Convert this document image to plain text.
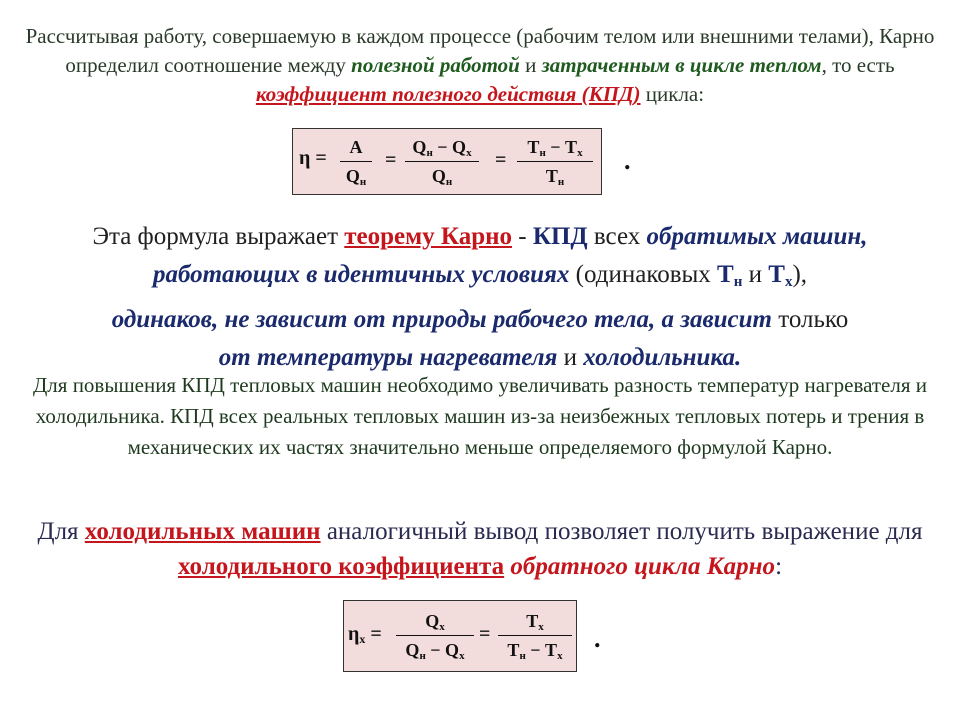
Рассчитывая работу, совершаемую в каждом процессе (рабочим телом или внешними телами), Карно определил соотношение между полезной работой и затраченным в цикле теплом, то есть коэффициент полезного действия (КПД) цикла:
η =	A
$Q_н$
=
$Q_н - Q_х$
$Q_н$
=
$T_н - T_х$
$T_н$
.
Эта формула выражает теорему Карно - КПД всех обратимых машин, работающих в идентичных условиях (одинаковых $T_н$ и $T_х$),
одинаков, не зависит от природы рабочего тела, а зависит только
от температуры нагревателя и холодильника.
Для повышения КПД тепловых машин необходимо увеличивать разность температур нагревателя и холодильника. КПД всех реальных тепловых машин из-за неизбежных тепловых потерь и трения в механических их частях значительно меньше определяемого формулой Карно.
Для холодильных машин аналогичный вывод позволяет получить выражение для холодильного коэффициента обратного цикла Карно:
$\eta_х$ =
$Q_х$
$Q_н - Q_х$
=
$T_х$
$T_н - T_х$
.
